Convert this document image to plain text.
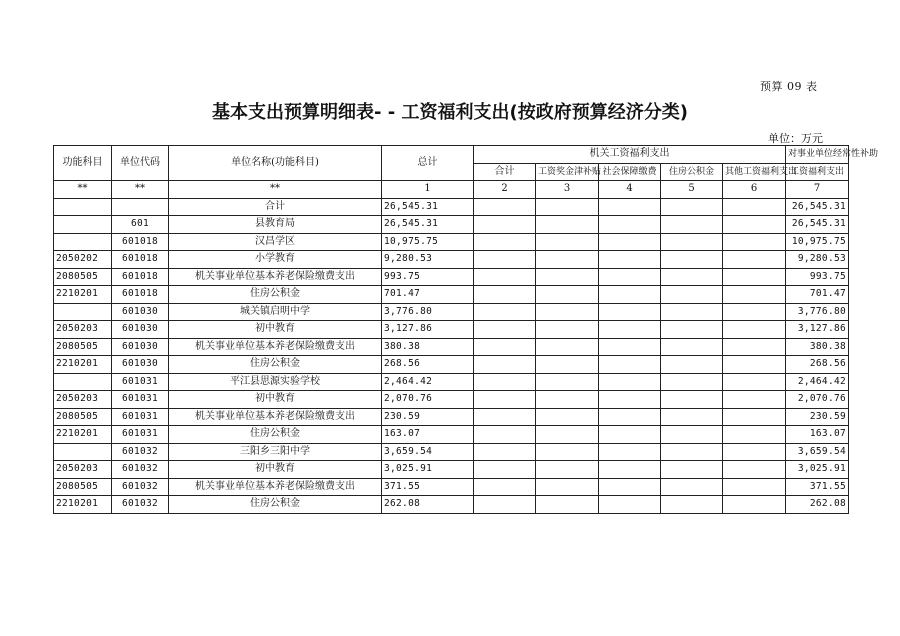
预算 09 表
基本支出预算明细表- - 工资福利支出(按政府预算经济分类)
单位：万元
功能科目	单位代码	单位名称(功能科目)	总计	机关工资福利支出					对事业单位经常性补助
				合计	工资奖金津补贴	社会保障缴费	住房公积金	其他工资福利支出	工资福利支出
**	**	**	1	2	3	4	5	6	7
		合计	26,545.31						26,545.31
	601	县教育局	26,545.31						26,545.31
	601018	汉昌学区	10,975.75						10,975.75
2050202	601018	小学教育	9,280.53						9,280.53
2080505	601018	机关事业单位基本养老保险缴费支出	993.75						993.75
2210201	601018	住房公积金	701.47						701.47
	601030	城关镇启明中学	3,776.80						3,776.80
2050203	601030	初中教育	3,127.86						3,127.86
2080505	601030	机关事业单位基本养老保险缴费支出	380.38						380.38
2210201	601030	住房公积金	268.56						268.56
	601031	平江县思源实验学校	2,464.42						2,464.42
2050203	601031	初中教育	2,070.76						2,070.76
2080505	601031	机关事业单位基本养老保险缴费支出	230.59						230.59
2210201	601031	住房公积金	163.07						163.07
	601032	三阳乡三阳中学	3,659.54						3,659.54
2050203	601032	初中教育	3,025.91						3,025.91
2080505	601032	机关事业单位基本养老保险缴费支出	371.55						371.55
2210201	601032	住房公积金	262.08						262.08
